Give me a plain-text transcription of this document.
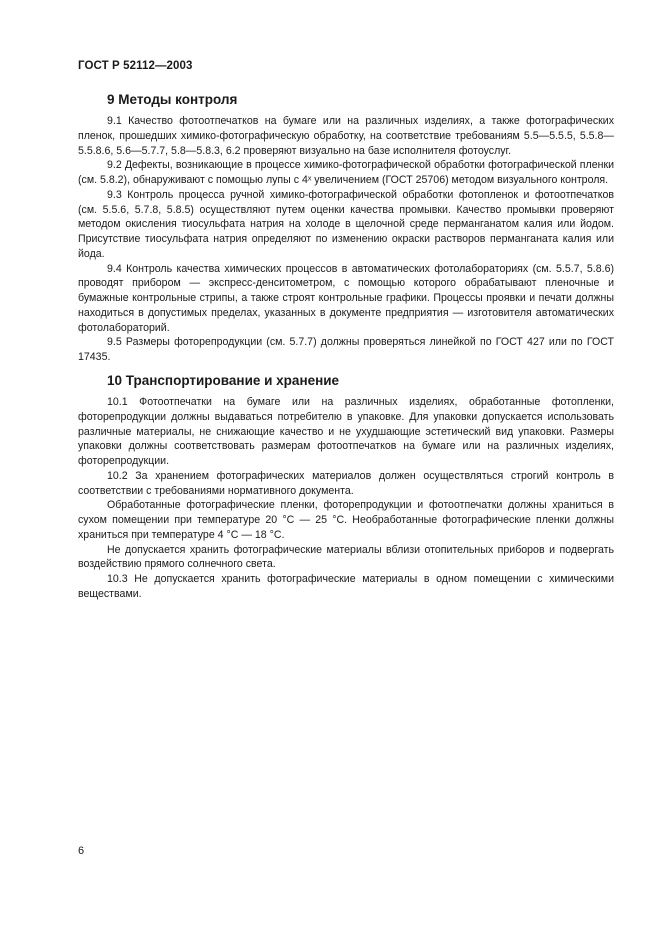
ГОСТ Р 52112—2003
9 Методы контроля

9.1 Качество фотоотпечатков на бумаге или на различных изделиях, а также фотографических пленок, прошедших химико-фотографическую обработку, на соответствие требованиям 5.5—5.5.5, 5.5.8—5.5.8.6, 5.6—5.7.7, 5.8—5.8.3, 6.2 проверяют визуально на базе исполнителя фотоуслуг.

9.2 Дефекты, возникающие в процессе химико-фотографической обработки фотографической пленки (см. 5.8.2), обнаруживают с помощью лупы с 4ˣ увеличением (ГОСТ 25706) методом визуального контроля.

9.3 Контроль процесса ручной химико-фотографической обработки фотопленок и фотоотпечатков (см. 5.5.6, 5.7.8, 5.8.5) осуществляют путем оценки качества промывки. Качество промывки проверяют методом окисления тиосульфата натрия на холоде в щелочной среде перманганатом калия или йодом. Присутствие тиосульфата натрия определяют по изменению окраски растворов перманганата калия или йода.

9.4 Контроль качества химических процессов в автоматических фотолабораториях (см. 5.5.7, 5.8.6) проводят прибором — экспресс-денситометром, с помощью которого обрабатывают пленочные и бумажные контрольные стрипы, а также строят контрольные графики. Процессы проявки и печати должны находиться в допустимых пределах, указанных в документе предприятия — изготовителя автоматических фотолабораторий.

9.5 Размеры фоторепродукции (см. 5.7.7) должны проверяться линейкой по ГОСТ 427 или по ГОСТ 17435.

10 Транспортирование и хранение

10.1 Фотоотпечатки на бумаге или на различных изделиях, обработанные фотопленки, фоторепродукции должны выдаваться потребителю в упаковке. Для упаковки допускается использовать различные материалы, не снижающие качество и не ухудшающие эстетический вид упаковки. Размеры упаковки должны соответствовать размерам фотоотпечатков на бумаге или на различных изделиях, фоторепродукции.

10.2 За хранением фотографических материалов должен осуществляться строгий контроль в соответствии с требованиями нормативного документа.

Обработанные фотографические пленки, фоторепродукции и фотоотпечатки должны храниться в сухом помещении при температуре 20 °С — 25 °С. Необработанные фотографические пленки должны храниться при температуре 4 °С — 18 °С.

Не допускается хранить фотографические материалы вблизи отопительных приборов и подвергать воздействию прямого солнечного света.

10.3 Не допускается хранить фотографические материалы в одном помещении с химическими веществами.

6
